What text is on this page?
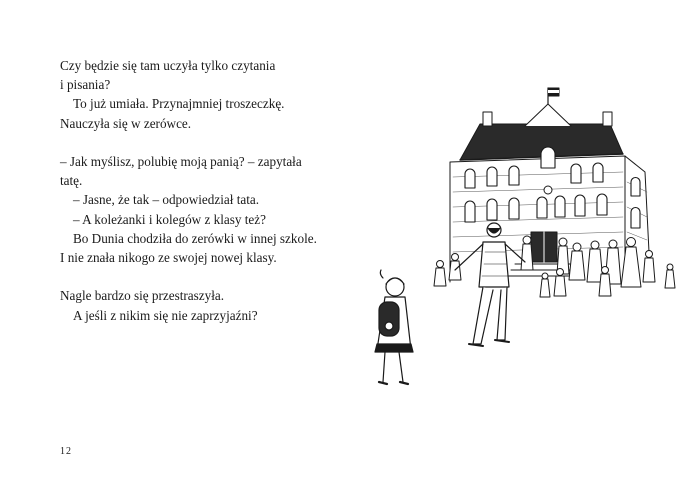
Czy będzie się tam uczyła tylko czytania
i pisania?
To już umiała. Przynajmniej troszeczkę.
Nauczyła się w zerówce.
– Jak myślisz, polubię moją panią? – zapytała
tatę.
– Jasne, że tak – odpowiedział tata.
– A koleżanki i kolegów z klasy też?
Bo Dunia chodziła do zerówki w innej szkole.
I nie znała nikogo ze swojej nowej klasy.
Nagle bardzo się przestraszyła.
A jeśli z nikim się nie zaprzyjaźni?
12
